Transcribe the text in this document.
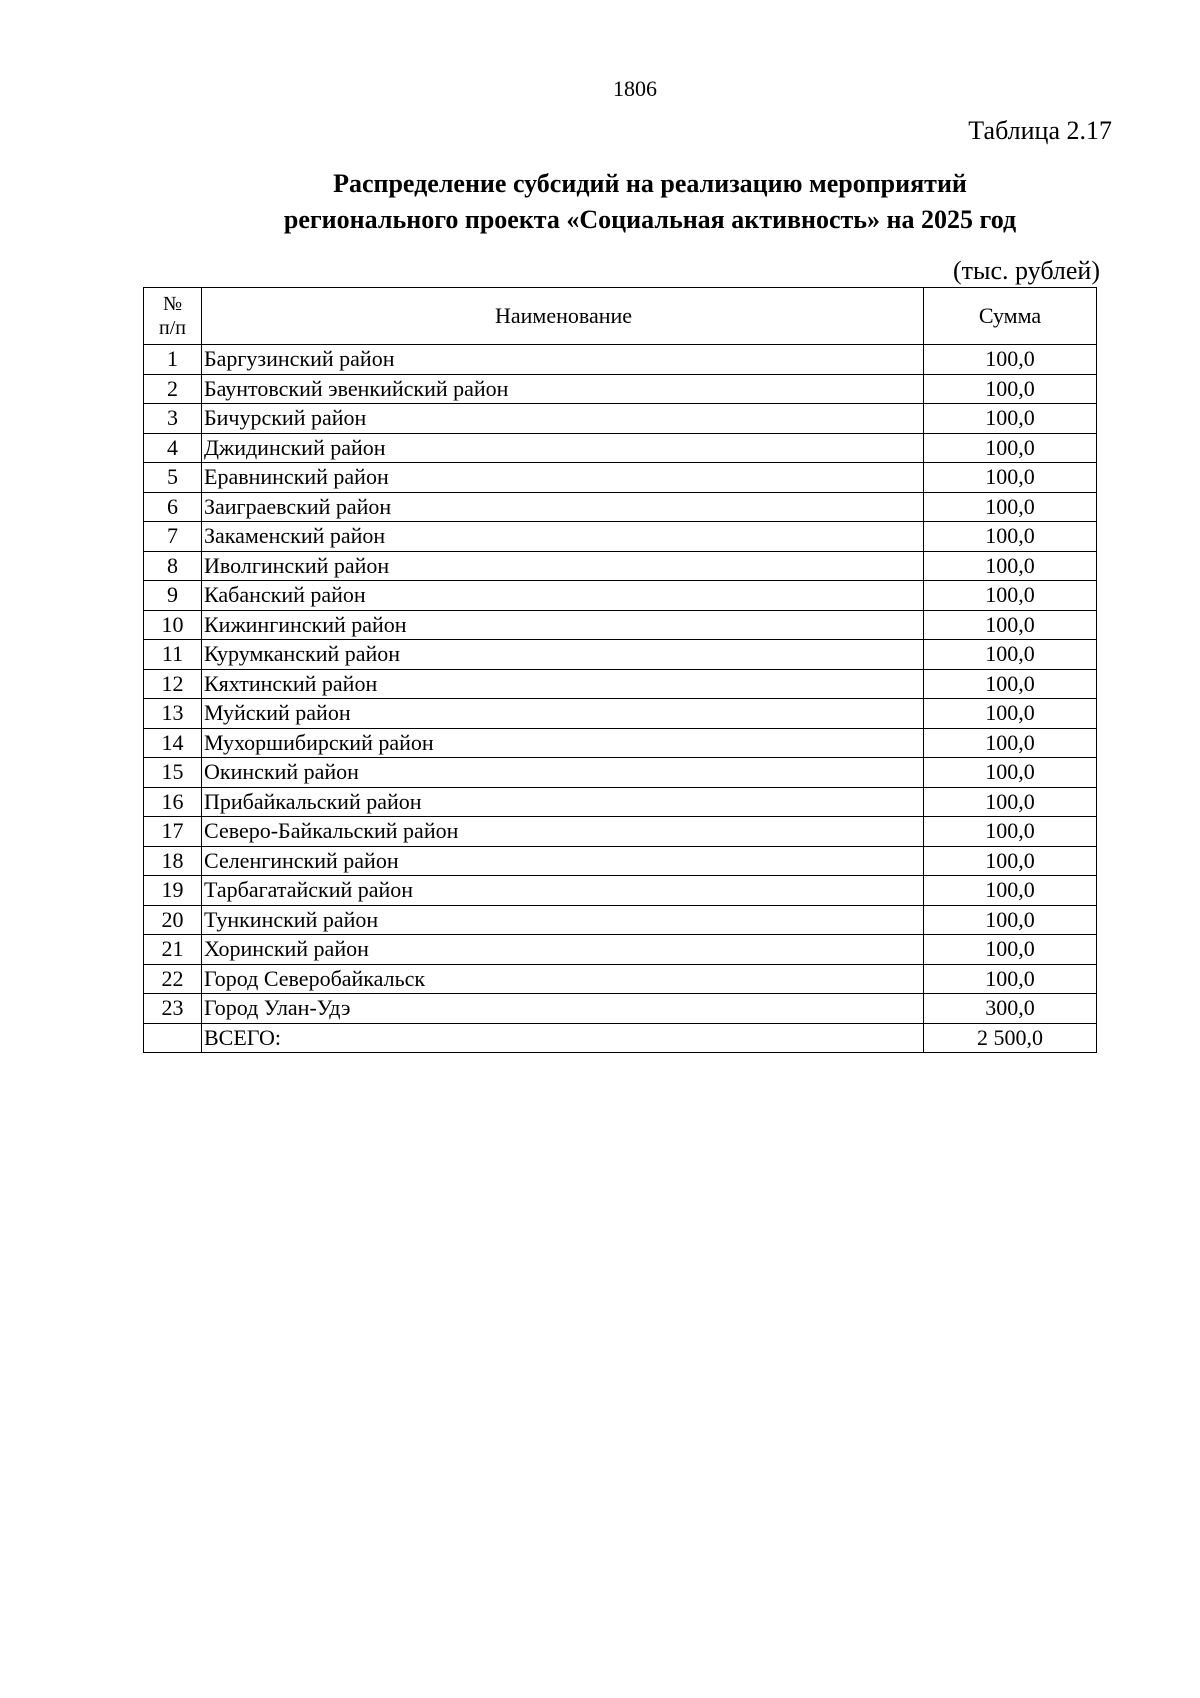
1806
Таблица 2.17
Распределение субсидий на реализацию мероприятий
регионального проекта «Социальная активность» на 2025 год
(тыс. рублей)
№
п/п	Наименование	Сумма
1	Баргузинский район	100,0
2	Баунтовский эвенкийский район	100,0
3	Бичурский район	100,0
4	Джидинский район	100,0
5	Еравнинский район	100,0
6	Заиграевский район	100,0
7	Закаменский район	100,0
8	Иволгинский район	100,0
9	Кабанский район	100,0
10	Кижингинский район	100,0
11	Курумканский район	100,0
12	Кяхтинский район	100,0
13	Муйский район	100,0
14	Мухоршибирский район	100,0
15	Окинский район	100,0
16	Прибайкальский район	100,0
17	Северо-Байкальский район	100,0
18	Селенгинский район	100,0
19	Тарбагатайский район	100,0
20	Тункинский район	100,0
21	Хоринский район	100,0
22	Город Северобайкальск	100,0
23	Город Улан-Удэ	300,0
	ВСЕГО:	2 500,0
